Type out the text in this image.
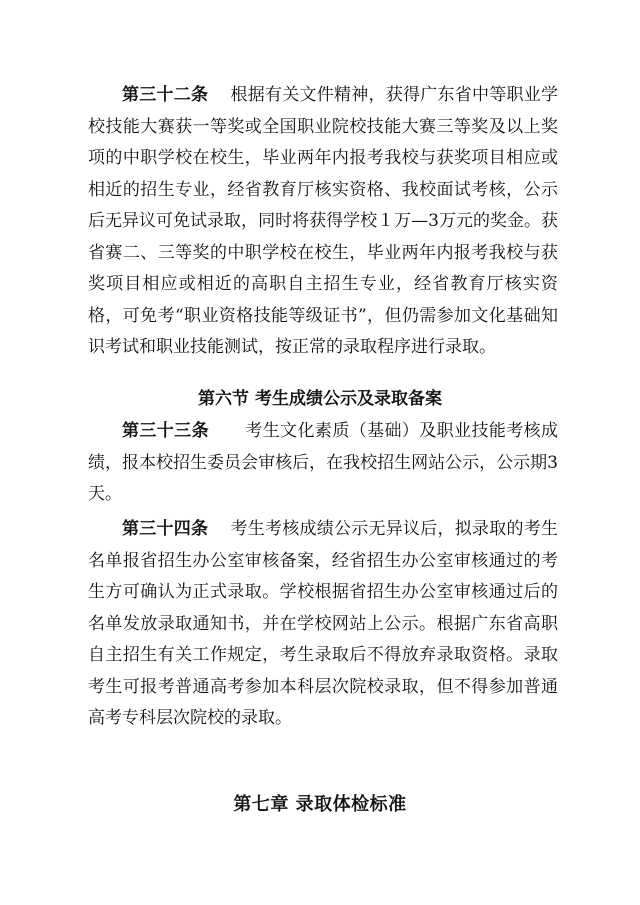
第三十二条 根据有关文件精神，获得广东省中等职业学校技能大赛获一等奖或全国职业院校技能大赛三等奖及以上奖项的中职学校在校生，毕业两年内报考我校与获奖项目相应或相近的招生专业，经省教育厅核实资格、我校面试考核，公示后无异议可免试录取，同时将获得学校１万—3万元的奖金。获省赛二、三等奖的中职学校在校生，毕业两年内报考我校与获奖项目相应或相近的高职自主招生专业，经省教育厅核实资格，可免考“职业资格技能等级证书”，但仍需参加文化基础知识考试和职业技能测试，按正常的录取程序进行录取。

第六节 考生成绩公示及录取备案

第三十三条 考生文化素质（基础）及职业技能考核成绩，报本校招生委员会审核后，在我校招生网站公示，公示期3天。

第三十四条 考生考核成绩公示无异议后，拟录取的考生名单报省招生办公室审核备案，经省招生办公室审核通过的考生方可确认为正式录取。学校根据省招生办公室审核通过后的名单发放录取通知书，并在学校网站上公示。根据广东省高职自主招生有关工作规定，考生录取后不得放弃录取资格。录取考生可报考普通高考参加本科层次院校录取，但不得参加普通高考专科层次院校的录取。

第七章 录取体检标准
